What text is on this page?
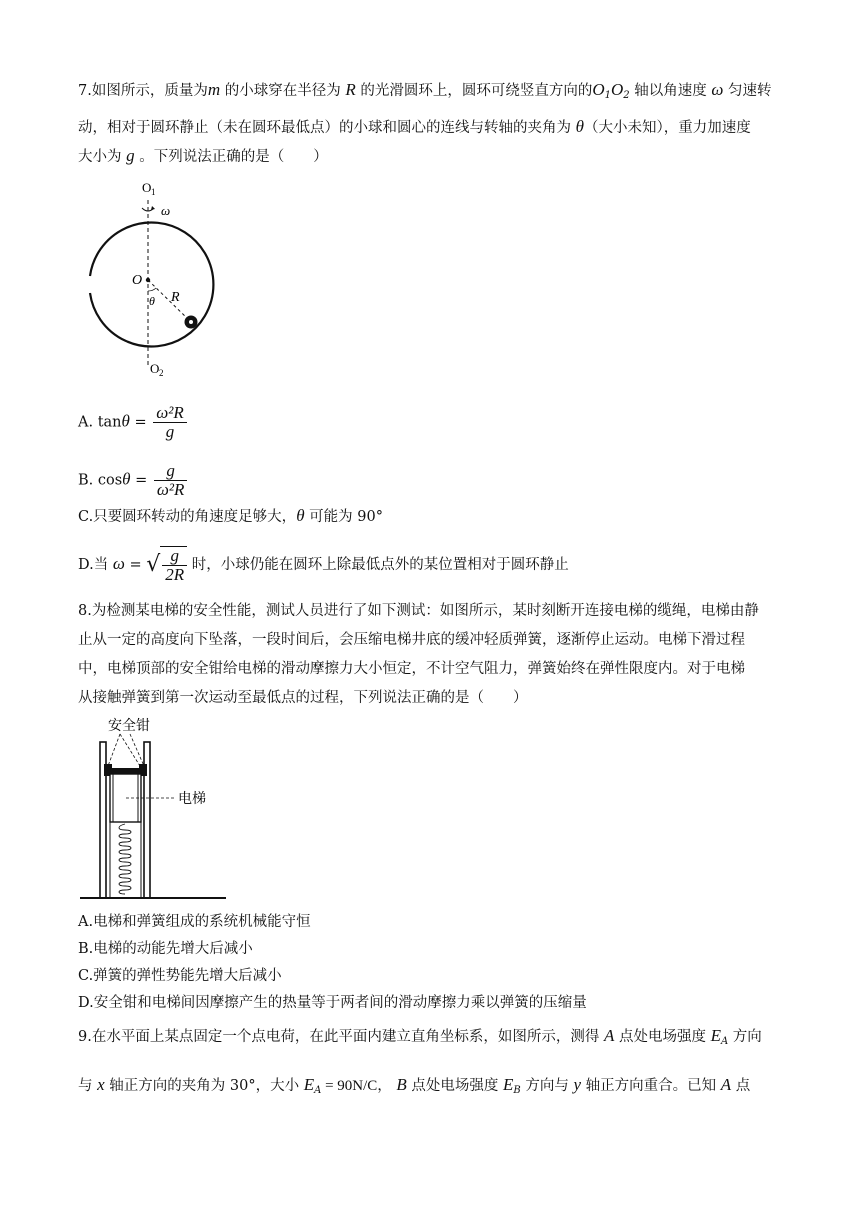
7.如图所示，质量为m 的小球穿在半径为 R 的光滑圆环上，圆环可绕竖直方向的$O_1O_2$ 轴以角速度 ω 匀速转
动，相对于圆环静止（未在圆环最低点）的小球和圆心的连线与转轴的夹角为 θ（大小未知），重力加速度
大小为 g 。下列说法正确的是（　　）
O 1
ω
O
R
θ
O 2
A. $\tan\theta = \frac{\text{ω²R}}{g}$
B. $\cos\theta = \frac{g}{\text{ω²R}}$
C.只要圆环转动的角速度足够大，θ 可能为 90°
D.当 ω = √ $\frac{g}{2R}$ 时，小球仍能在圆环上除最低点外的某位置相对于圆环静止
8.为检测某电梯的安全性能，测试人员进行了如下测试：如图所示，某时刻断开连接电梯的缆绳，电梯由静
止从一定的高度向下坠落，一段时间后，会压缩电梯井底的缓冲轻质弹簧，逐渐停止运动。电梯下滑过程
中，电梯顶部的安全钳给电梯的滑动摩擦力大小恒定，不计空气阻力，弹簧始终在弹性限度内。对于电梯
从接触弹簧到第一次运动至最低点的过程，下列说法正确的是（　　）
安全钳
电梯
A.电梯和弹簧组成的系统机械能守恒
B.电梯的动能先增大后减小
C.弹簧的弹性势能先增大后减小
D.安全钳和电梯间因摩擦产生的热量等于两者间的滑动摩擦力乘以弹簧的压缩量
9.在水平面上某点固定一个点电荷，在此平面内建立直角坐标系，如图所示，测得 A 点处电场强度 $E_A$ 方向
与 x 轴正方向的夹角为 30°，大小 $E_A = 90N/C$， B 点处电场强度 $E_B$ 方向与 y 轴正方向重合。已知 A 点
